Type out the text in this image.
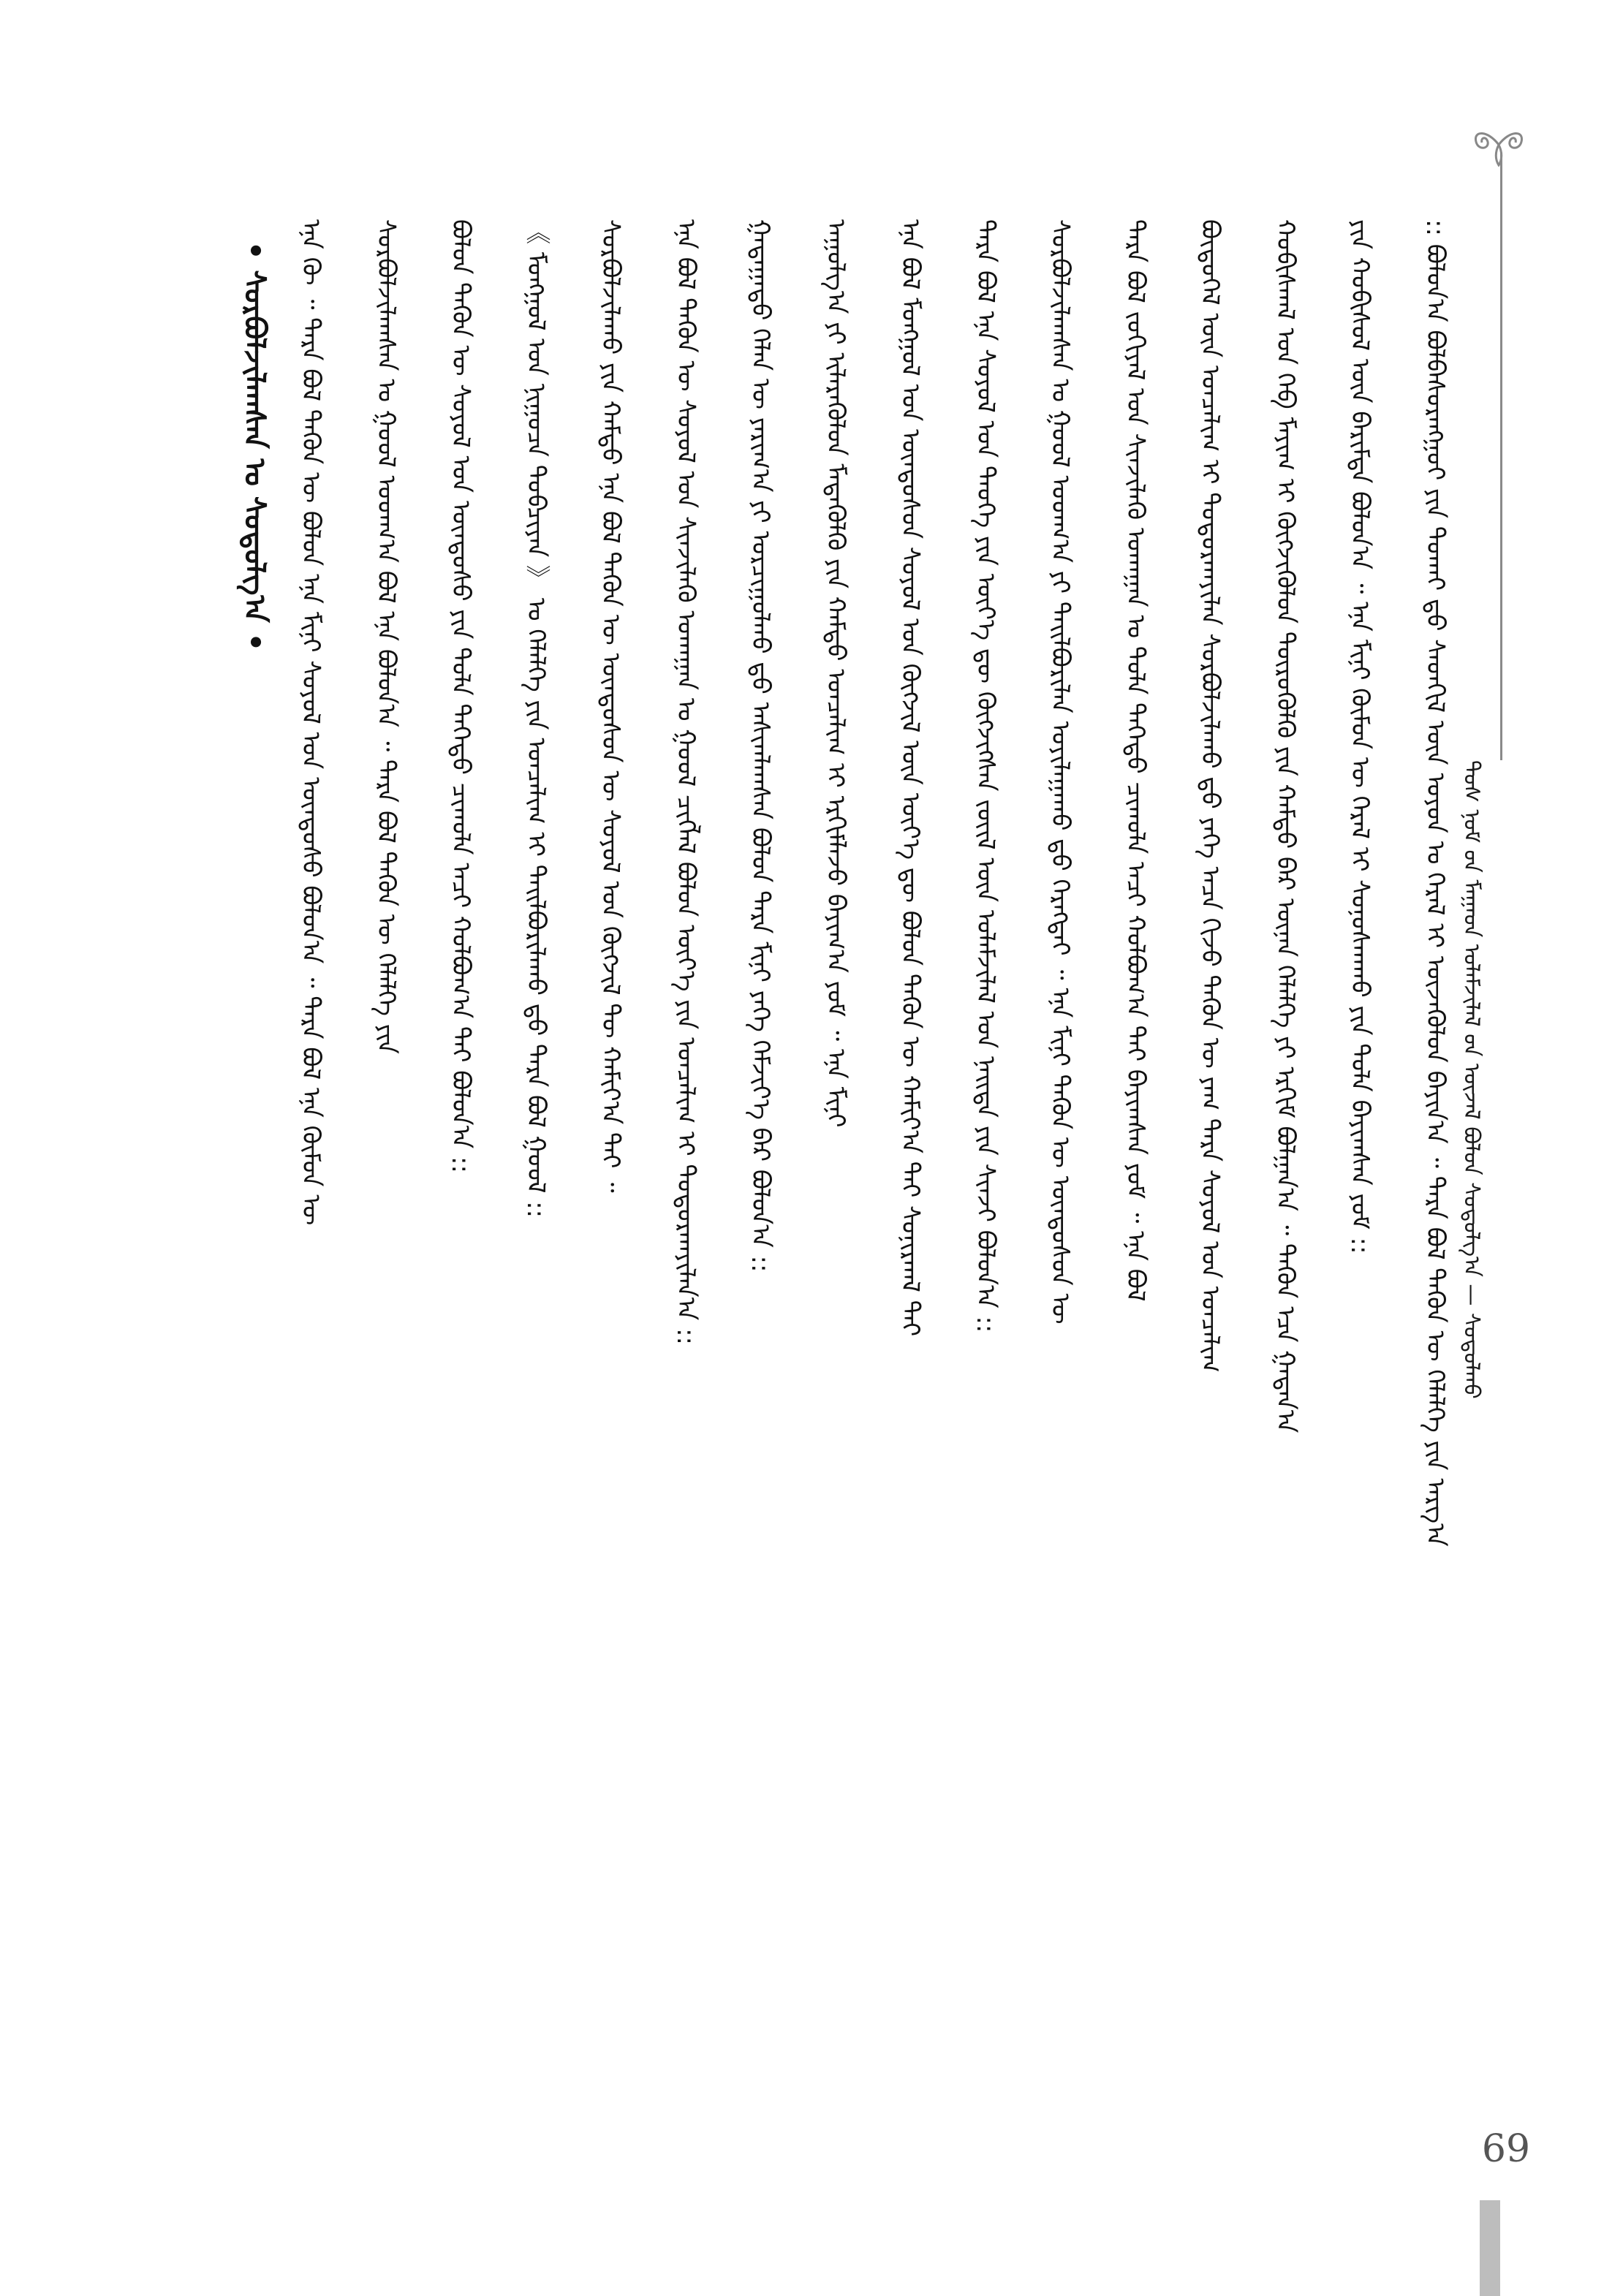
ᠲᠤᠰ ᠨᠤᠮ ᠤ᠋ᠨ ᠮᠠᠭᠠᠳ ᠤᠯᠠᠮᠵᠢᠯᠠᠯ ᠤ᠋ᠨ ᠦᠵᠡᠯ ᠪᠤᠯᠤᠨ ᠰᠤᠳᠤᠯᠭ᠎ᠠ — ᠰᠤᠳᠤᠯᠬᠤ
69
:: ᠪᠣᠯᠤᠨ᠎ᠠ ᠪᠣᠯᠪᠠᠰᠤᠷᠠᠩᠭᠤᠢ ᠶᠢᠨ ᠲᠤᠬᠠᠢ ᠳ᠋ᠤ ᠰᠡᠳᠬᠢᠯ ᠦᠨ ᠣᠶᠤᠨ ᠤ ᠭᠡᠷᠡᠯ ᠢ ᠦᠵᠡᠭᠦᠯᠦᠨ ᠪᠠᠶᠢᠨ᠎ᠠ ᠃ ᠲᠡᠷᠡ ᠪᠣᠯ ᠲᠡᠭᠦᠨ ᠦ ᠬᠡᠯᠡᠯᠭᠡ ᠶᠢᠨ ᠠᠷᠭ᠎ᠠ
ᠶᠢᠨ ᠬᠤᠪᠢᠰᠤᠯ ᠦᠨ ᠪᠠᠷᠢᠮᠲᠠ ᠪᠣᠯᠤᠨ᠎ᠠ ᠃ ᠡᠨᠡ ᠮᠢᠨᠢ ᠬᠦᠮᠦᠨ ᠦ ᠭᠡᠷᠡᠯ ᠢ ᠰᠣᠨᠣᠰᠬᠠᠬᠤ ᠶᠢᠨ ᠲᠤᠯᠠ ᠪᠠᠶᠢᠭᠰᠠᠨ ᠶᠤᠮ ::
ᠬᠣᠪᠢᠰᠬᠠᠯ ᠤᠨ ᠬᠡᠪ ᠮᠠᠶᠢᠭ ᠢ ᠬᠥᠭᠵᠢᠭᠦᠯᠦᠨ ᠲᠦᠷᠦᠭᠦᠯᠬᠦ ᠶᠢᠨ ᠬᠠᠮᠲᠤ ᠪᠡᠷ ᠦᠨᠡᠨ ᠬᠡᠯᠡᠯᠭᠡ ᠶᠢ ᠡᠷᠬᠢᠮ ᠪᠣᠯᠭᠠᠨ᠎ᠠ ᠃ ᠲᠡᠭᠦᠨ ᠡᠴᠡ ᠭᠠᠳᠠᠨ᠎ᠠ
ᠪᠦᠲᠦᠭᠡᠯ ᠦᠨ ᠣᠨᠴᠠᠯᠢᠭ ᠢ ᠲᠣᠳᠣᠷᠬᠠᠶᠢᠯᠠᠨ ᠰᠤᠷᠪᠤᠯᠵᠢᠯᠠᠬᠤ ᠳ᠋ᠤ ᠶᠡᠬᠡ ᠠᠴᠠ ᠬᠢᠵᠦ ᠲᠡᠭᠦᠨ ᠦ ᠶᠠᠭ ᠲᠡᠷᠡ ᠰᠣᠶᠣᠯ ᠤᠨ ᠣᠨᠴᠠᠯᠢᠭ
ᠲᠡᠷᠡ ᠪᠣᠯ ᠵᠣᠬᠢᠶᠠᠯ ᠤᠨ ᠰᠢᠨᠵᠢᠯᠡᠬᠦ ᠤᠬᠠᠭᠠᠨ ᠤ ᠲᠤᠯᠠ ᠳᠡᠭᠡᠳᠦ ᠴᠢᠬᠤᠯᠠ ᠠᠴᠢ ᠬᠣᠯᠪᠣᠭ᠎ᠠ ᠲᠠᠢ ᠪᠠᠶᠢᠭᠰᠠᠨ ᠶᠤᠮ ᠃ ᠡᠨᠡ ᠪᠣᠯ
ᠰᠤᠷᠪᠤᠯᠵᠢᠯᠠᠭᠰᠠᠨ ᠤ ᠭᠣᠣᠯ ᠤᠳᠬ᠎ᠠ ᠶᠢ ᠲᠠᠢᠯᠪᠤᠷᠢᠯᠠᠨ ᠣᠶᠢᠯᠠᠭᠠᠬᠤ ᠳ᠋ᠤ ᠬᠡᠷᠡᠭᠲᠡᠶ ᠃ ᠡᠨᠡ ᠮᠢᠨᠢ ᠲᠡᠭᠦᠨ ᠦ ᠦᠨᠳᠦᠰᠦᠨ ᠦ
ᠲᠡᠷᠡ ᠪᠣᠯ ᠡᠨᠡ ᠰᠣᠶᠣᠯ ᠤᠨ ᠲᠡᠦᠬᠡ ᠶᠢᠨ ᠦᠶ᠎ᠡ ᠳᠦ ᠬᠥᠭᠵᠢᠭᠰᠡᠨ ᠵᠦᠢᠯ ᠦᠨ ᠤᠯᠠᠮᠵᠢᠯᠠᠯ ᠤᠨ ᠨᠡᠢᠲᠡ ᠶᠢᠨ ᠰᠢᠨᠵᠢ ᠪᠣᠯᠤᠨ᠎ᠠ ::
ᠡᠨᠡ ᠪᠣᠯ ᠮᠣᠩᠭᠣᠯ ᠤᠨ ᠦᠨᠳᠦᠰᠦᠨ ᠰᠣᠶᠣᠯ ᠤᠨ ᠬᠥᠭᠵᠢᠯ ᠦᠨ ᠦᠶ᠎ᠡ ᠳᠦ ᠪᠣᠯᠤᠨ ᠲᠡᠭᠦᠨ ᠦ ᠬᠠᠮᠢᠶ᠎ᠠ ᠲᠠᠢ ᠰᠣᠨᠢᠷᠬᠠᠯ ᠲᠠᠢ
ᠠᠭᠤᠯᠭ᠎ᠠ ᠶᠢ ᠢᠯᠡᠷᠡᠭᠦᠯᠦᠨ ᠮᠡᠳᠡᠭᠦᠯᠬᠦ ᠶᠢᠨ ᠬᠠᠮᠲᠤ ᠣᠨᠴᠠᠯᠢᠭ ᠢ ᠡᠷᠬᠢᠮᠯᠡᠵᠦ ᠪᠠᠶᠢᠭ᠎ᠠ ᠶᠤᠮ ᠃ ᠡᠨᠡ ᠮᠢᠨᠢ
ᠭᠠᠳᠠᠭᠠᠳᠤ ᠬᠡᠯᠡᠨ ᠦ ᠶᠠᠷᠢᠭ᠎ᠠ ᠶᠢ ᠣᠷᠴᠢᠭᠤᠯᠬᠤ ᠳ᠋ᠤ ᠠᠰᠢᠭᠯᠠᠭᠰᠠᠨ ᠪᠣᠯᠤᠨ ᠲᠡᠷᠡ ᠮᠢᠨᠢ ᠶᠡᠬᠡ ᠬᠡᠮᠵᠢᠶ᠎ᠡ ᠪᠠᠷ ᠪᠣᠯᠤᠨ᠎ᠠ ::
ᠡᠨᠡ ᠪᠣᠯ ᠲᠡᠭᠦᠨ ᠦ ᠰᠣᠶᠣᠯ ᠤᠨ ᠰᠢᠨᠵᠢᠯᠡᠬᠦ ᠤᠬᠠᠭᠠᠨ ᠤ ᠭᠣᠣᠯ ᠴᠢᠭᠯᠡᠯ ᠪᠣᠯᠤᠨ ᠦᠶ᠎ᠡ ᠶᠢᠨ ᠣᠨᠴᠠᠯᠢᠭ ᠢ ᠲᠣᠳᠣᠷᠬᠠᠶᠢᠯᠠᠨ᠎ᠠ ::
ᠰᠤᠷᠪᠤᠯᠵᠢᠯᠠᠬᠤ ᠶᠢᠨ ᠬᠠᠮᠲᠤ ᠡᠨᠡ ᠪᠣᠯ ᠲᠡᠭᠦᠨ ᠦ ᠦᠨᠳᠦᠰᠦᠨ ᠦ ᠰᠣᠶᠣᠯ ᠤᠨ ᠬᠥᠭᠵᠢᠯ ᠲᠦ ᠬᠠᠮᠢᠶ᠎ᠠ ᠲᠠᠢ ᠃
《 ᠮᠣᠩᠭᠣᠯ ᠤᠨ ᠨᠢᠭᠤᠴᠠ ᠲᠣᠪᠴᠢᠶᠠᠨ 》 ᠤ ᠬᠡᠯᠡᠯᠭᠡ ᠶᠢᠨ ᠣᠨᠴᠠᠯᠢᠭ ᠢ ᠲᠠᠢᠯᠪᠤᠷᠢᠯᠠᠬᠤ ᠳ᠋ᠤ ᠲᠡᠷᠡ ᠪᠣᠯ ᠭᠣᠣᠯ ::
ᠪᠣᠯᠤᠨ ᠲᠡᠭᠦᠨ ᠦ ᠰᠣᠶᠣᠯ ᠤᠨ ᠦᠨᠳᠦᠰᠦ ᠶᠢᠨ ᠲᠤᠯᠠ ᠳᠡᠭᠡᠳᠦ ᠴᠢᠬᠤᠯᠠ ᠠᠴᠢ ᠬᠣᠯᠪᠣᠭ᠎ᠠ ᠲᠠᠢ ᠪᠣᠯᠤᠨ᠎ᠠ ::
ᠰᠤᠷᠪᠤᠯᠵᠢᠯᠠᠭᠰᠠᠨ ᠤ ᠭᠣᠣᠯ ᠤᠳᠬ᠎ᠠ ᠪᠣᠯ ᠡᠨᠡ ᠪᠣᠯᠤᠨ᠎ᠠ ᠃ ᠲᠡᠷᠡ ᠪᠣᠯ ᠲᠡᠭᠦᠨ ᠦ ᠬᠡᠯᠡᠯᠭᠡ ᠶᠢᠨ
ᠡᠨᠡ ᠬᠦ ᠃ ᠲᠡᠷᠡ ᠪᠣᠯ ᠲᠡᠭᠦᠨ ᠦ ᠪᠣᠯᠤᠨ ᠡᠨᠡ ᠮᠢᠨᠢ ᠰᠣᠶᠣᠯ ᠤᠨ ᠦᠨᠳᠦᠰᠦ ᠪᠣᠯᠤᠨ᠎ᠠ ᠃ ᠲᠡᠷᠡ ᠪᠣᠯ ᠡᠨᠡ ᠬᠦᠮᠦᠨ ᠦ
• ᠰᠤᠷᠪᠤᠯᠵᠢᠯᠠᠭᠰᠠᠨ ᠤ ᠰᠤᠳᠤᠯᠭ᠎ᠠ •
